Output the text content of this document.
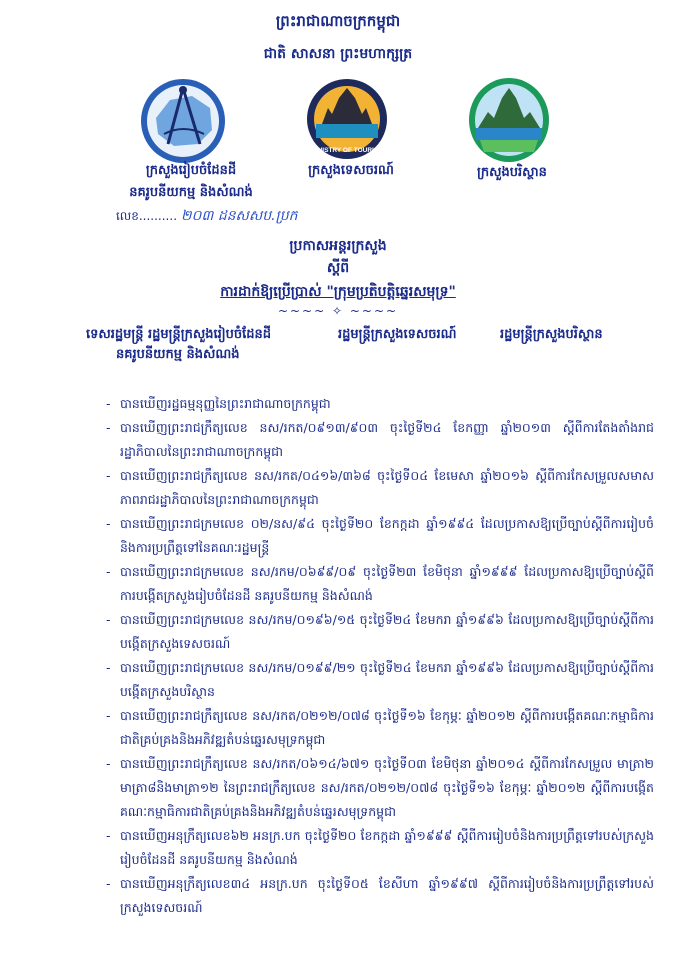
ព្រះរាជាណាចក្រកម្ពុជា
ជាតិ សាសនា ព្រះមហាក្សត្រ
MINISTRY OF TOURISM
ក្រសួងរៀបចំដែនដី
នគរូបនីយកម្ម និងសំណង់
ក្រសួងទេសចរណ៍	ក្រសួងបរិស្ថាន
លេខ.......... ២០៣ ដនសសប.ប្រក
ប្រកាសអន្តរក្រសួង
ស្តីពី
ការដាក់ឱ្យប្រើប្រាស់ "ក្រុមប្រតិបត្តិឆ្នេរសមុទ្រ"
~~~~ ✧ ~~~~
ទេសរដ្ឋមន្ត្រី រដ្ឋមន្ត្រីក្រសួងរៀបចំដែនដី
នគរូបនីយកម្ម និងសំណង់
រដ្ឋមន្ត្រីក្រសួងទេសចរណ៍	រដ្ឋមន្ត្រីក្រសួងបរិស្ថាន
- បានឃើញរដ្ឋធម្មនុញ្ញនៃព្រះរាជាណាចក្រកម្ពុជា
- បានឃើញព្រះរាជក្រឹត្យលេខ នស/រកត/០៩១៣/៩០៣ ចុះថ្ងៃទី២៤ ខែកញ្ញា ឆ្នាំ២០១៣ ស្តីពីការតែងតាំងរាជរដ្ឋាភិបាលនៃព្រះរាជាណាចក្រកម្ពុជា
- បានឃើញព្រះរាជក្រឹត្យលេខ នស/រកត/០៤១៦/៣៦៨ ចុះថ្ងៃទី០៤ ខែមេសា ឆ្នាំ២០១៦ ស្តីពីការកែសម្រួលសមាសភាពរាជរដ្ឋាភិបាលនៃព្រះរាជាណាចក្រកម្ពុជា
- បានឃើញព្រះរាជក្រមលេខ ០២/នស/៩៤ ចុះថ្ងៃទី២០ ខែកក្កដា ឆ្នាំ១៩៩៤ ដែលប្រកាសឱ្យប្រើច្បាប់ស្តីពីការរៀបចំនិងការប្រព្រឹត្តទៅនៃគណៈរដ្ឋមន្ត្រី
- បានឃើញព្រះរាជក្រមលេខ នស/រកម/០៦៩៩/០៩ ចុះថ្ងៃទី២៣ ខែមិថុនា ឆ្នាំ១៩៩៩ ដែលប្រកាសឱ្យប្រើច្បាប់ស្តីពីការបង្កើតក្រសួងរៀបចំដែនដី នគរូបនីយកម្ម និងសំណង់
- បានឃើញព្រះរាជក្រមលេខ នស/រកម/០១៩៦/១៥ ចុះថ្ងៃទី២៤ ខែមករា ឆ្នាំ១៩៩៦ ដែលប្រកាសឱ្យប្រើច្បាប់ស្តីពីការបង្កើតក្រសួងទេសចរណ៍
- បានឃើញព្រះរាជក្រមលេខ នស/រកម/០១៩៩/២១ ចុះថ្ងៃទី២៤ ខែមករា ឆ្នាំ១៩៩៦ ដែលប្រកាសឱ្យប្រើច្បាប់ស្តីពីការបង្កើតក្រសួងបរិស្ថាន
- បានឃើញព្រះរាជក្រឹត្យលេខ នស/រកត/០២១២/០៧៨ ចុះថ្ងៃទី១៦ ខែកុម្ភៈ ឆ្នាំ២០១២ ស្តីពីការបង្កើតគណៈកម្មាធិការជាតិគ្រប់គ្រងនិងអភិវឌ្ឍតំបន់ឆ្នេរសមុទ្រកម្ពុជា
- បានឃើញព្រះរាជក្រឹត្យលេខ នស/រកត/០៦១៤/៦៧១ ចុះថ្ងៃទី០៣ ខែមិថុនា ឆ្នាំ២០១៤ ស្តីពីការកែសម្រួល មាត្រា២ មាត្រា៨និងមាត្រា១២ នៃព្រះរាជក្រឹត្យលេខ នស/រកត/០២១២/០៧៨ ចុះថ្ងៃទី១៦ ខែកុម្ភៈ ឆ្នាំ២០១២ ស្តីពីការបង្កើត គណៈកម្មាធិការជាតិគ្រប់គ្រងនិងអភិវឌ្ឍតំបន់ឆ្នេរសមុទ្រកម្ពុជា
- បានឃើញអនុក្រឹត្យលេខ៦២ អនក្រ.បក ចុះថ្ងៃទី២០ ខែកក្កដា ឆ្នាំ១៩៩៩ ស្តីពីការរៀបចំនិងការប្រព្រឹត្តទៅរបស់ក្រសួងរៀបចំដែនដី នគរូបនីយកម្ម និងសំណង់
- បានឃើញអនុក្រឹត្យលេខ៣៤ អនក្រ.បក ចុះថ្ងៃទី០៥ ខែសីហា ឆ្នាំ១៩៩៧ ស្តីពីការរៀបចំនិងការប្រព្រឹត្តទៅរបស់ក្រសួងទេសចរណ៍
